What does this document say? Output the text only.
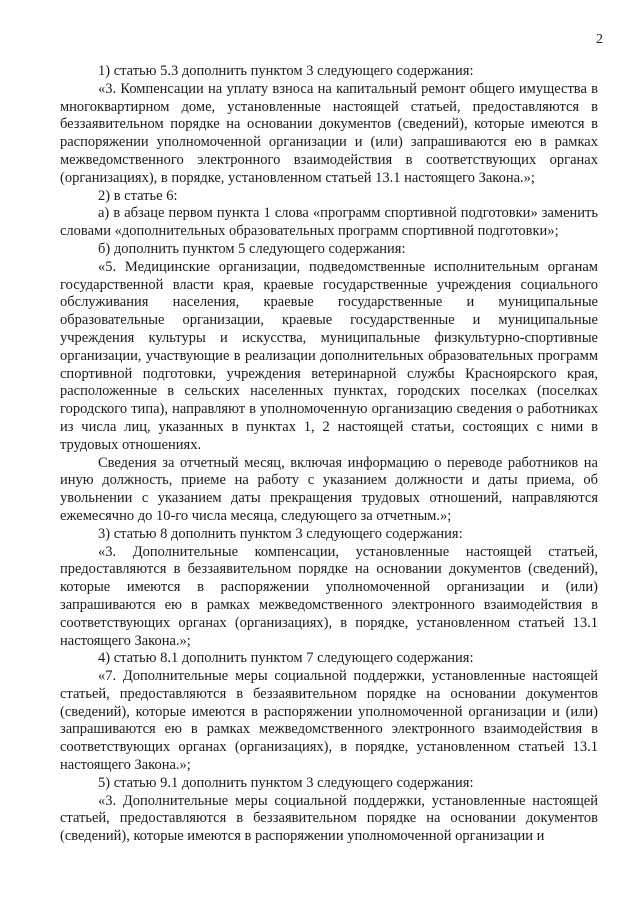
2

1) статью 5.3 дополнить пунктом 3 следующего содержания:

«3. Компенсации на уплату взноса на капитальный ремонт общего имущества в многоквартирном доме, установленные настоящей статьей, предоставляются в беззаявительном порядке на основании документов (сведений), которые имеются в распоряжении уполномоченной организации и (или) запрашиваются ею в рамках межведомственного электронного взаимодействия в соответствующих органах (организациях), в порядке, установленном статьей 13.1 настоящего Закона.»;

2) в статье 6:

а) в абзаце первом пункта 1 слова «программ спортивной подготовки» заменить словами «дополнительных образовательных программ спортивной подготовки»;

б) дополнить пунктом 5 следующего содержания:

«5. Медицинские организации, подведомственные исполнительным органам государственной власти края, краевые государственные учреждения социального обслуживания населения, краевые государственные и муниципальные образовательные организации, краевые государственные и муниципальные учреждения культуры и искусства, муниципальные физкультурно-спортивные организации, участвующие в реализации дополнительных образовательных программ спортивной подготовки, учреждения ветеринарной службы Красноярского края, расположенные в сельских населенных пунктах, городских поселках (поселках городского типа), направляют в уполномоченную организацию сведения о работниках из числа лиц, указанных в пунктах 1, 2 настоящей статьи, состоящих с ними в трудовых отношениях.

Сведения за отчетный месяц, включая информацию о переводе работников на иную должность, приеме на работу с указанием должности и даты приема, об увольнении с указанием даты прекращения трудовых отношений, направляются ежемесячно до 10-го числа месяца, следующего за отчетным.»;

3) статью 8 дополнить пунктом 3 следующего содержания:

«3. Дополнительные компенсации, установленные настоящей статьей, предоставляются в беззаявительном порядке на основании документов (сведений), которые имеются в распоряжении уполномоченной организации и (или) запрашиваются ею в рамках межведомственного электронного взаимодействия в соответствующих органах (организациях), в порядке, установленном статьей 13.1 настоящего Закона.»;

4) статью 8.1 дополнить пунктом 7 следующего содержания:

«7. Дополнительные меры социальной поддержки, установленные настоящей статьей, предоставляются в беззаявительном порядке на основании документов (сведений), которые имеются в распоряжении уполномоченной организации и (или) запрашиваются ею в рамках межведомственного электронного взаимодействия в соответствующих органах (организациях), в порядке, установленном статьей 13.1 настоящего Закона.»;

5) статью 9.1 дополнить пунктом 3 следующего содержания:

«3. Дополнительные меры социальной поддержки, установленные настоящей статьей, предоставляются в беззаявительном порядке на основании документов (сведений), которые имеются в распоряжении уполномоченной организации и
